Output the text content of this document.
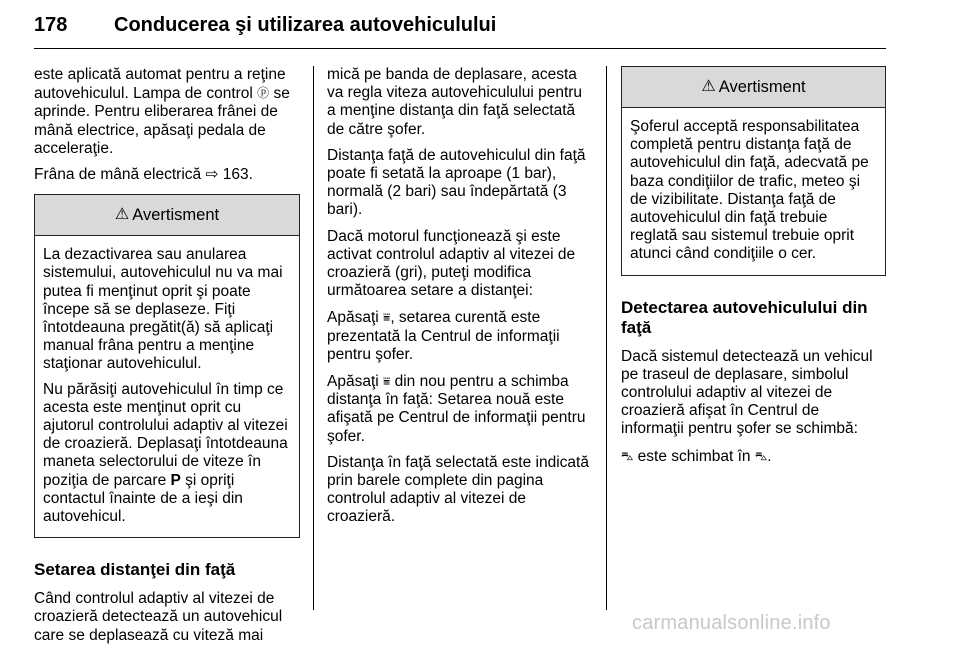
178 Conducerea şi utilizarea autovehiculului

este aplicată automat pentru a reţine autovehiculul. Lampa de control ⓟ se aprinde. Pentru eliberarea frânei de mână electrice, apăsaţi pedala de acceleraţie.

Frâna de mână electrică ⇨ 163.

⚠ Avertisment

La dezactivarea sau anularea sistemului, autovehiculul nu va mai putea fi menţinut oprit şi poate începe să se deplaseze. Fiţi întotdeauna pregătit(ă) să aplicaţi manual frâna pentru a menţine staţionar autovehiculul.

Nu părăsiţi autovehiculul în timp ce acesta este menţinut oprit cu ajutorul controlului adaptiv al vitezei de croazieră. Deplasaţi întotdeauna maneta selectorului de viteze în poziţia de parcare P şi opriţi contactul înainte de a ieşi din autovehicul.

Setarea distanţei din faţă

Când controlul adaptiv al vitezei de croazieră detectează un autovehicul care se deplasează cu viteză mai

mică pe banda de deplasare, acesta va regla viteza autovehiculului pentru a menţine distanţa din faţă selectată de către şofer.

Distanţa faţă de autovehiculul din faţă poate fi setată la aproape (1 bar), normală (2 bari) sau îndepărtată (3 bari).

Dacă motorul funcţionează şi este activat controlul adaptiv al vitezei de croazieră (gri), puteţi modifica următoarea setare a distanţei:

Apăsaţi ⩸, setarea curentă este prezentată la Centrul de informaţii pentru şofer.

Apăsaţi ⩸ din nou pentru a schimba distanţa în faţă: Setarea nouă este afişată pe Centrul de informaţii pentru şofer.

Distanţa în faţă selectată este indicată prin barele complete din pagina controlul adaptiv al vitezei de croazieră.

⚠ Avertisment

Şoferul acceptă responsabilitatea completă pentru distanţa faţă de autovehiculul din faţă, adecvată pe baza condiţiilor de trafic, meteo şi de vizibilitate. Distanţa faţă de autovehiculul din faţă trebuie reglată sau sistemul trebuie oprit atunci când condiţiile o cer.

Detectarea autovehiculului din faţă

Dacă sistemul detectează un vehicul pe traseul de deplasare, simbolul controlului adaptiv al vitezei de croazieră afişat în Centrul de informaţii pentru şofer se schimbă:

⛍ este schimbat în ⛍.

carmanualsonline.info
